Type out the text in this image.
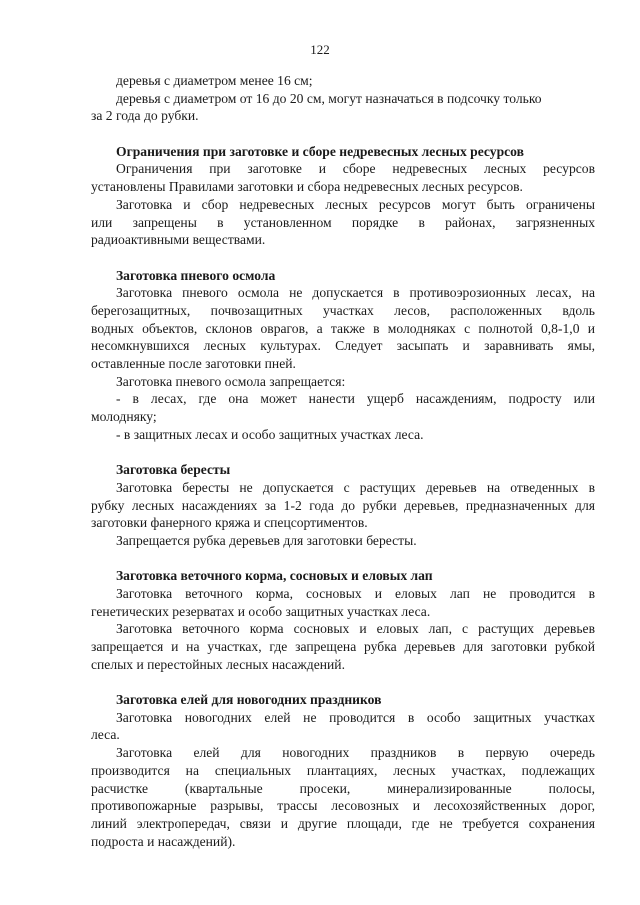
122
деревья с диаметром менее 16 см;
деревья с диаметром от 16 до 20 см, могут назначаться в подсочку только
за 2 года до рубки.
Ограничения при заготовке и сборе недревесных лесных ресурсов
Ограничения при заготовке и сборе недревесных лесных ресурсов
установлены Правилами заготовки и сбора недревесных лесных ресурсов.
Заготовка и сбор недревесных лесных ресурсов могут быть ограничены
или запрещены в установленном порядке в районах, загрязненных
радиоактивными веществами.
Заготовка пневого осмола
Заготовка пневого осмола не допускается в противоэрозионных лесах, на
берегозащитных, почвозащитных участках лесов, расположенных вдоль
водных объектов, склонов оврагов, а также в молодняках с полнотой 0,8-1,0 и
несомкнувшихся лесных культурах. Следует засыпать и заравнивать ямы,
оставленные после заготовки пней.
Заготовка пневого осмола запрещается:
- в лесах, где она может нанести ущерб насаждениям, подросту или
молодняку;
- в защитных лесах и особо защитных участках леса.
Заготовка бересты
Заготовка бересты не допускается с растущих деревьев на отведенных в
рубку лесных насаждениях за 1-2 года до рубки деревьев, предназначенных для
заготовки фанерного кряжа и спецсортиментов.
Запрещается рубка деревьев для заготовки бересты.
Заготовка веточного корма, сосновых и еловых лап
Заготовка веточного корма, сосновых и еловых лап не проводится в
генетических резерватах и особо защитных участках леса.
Заготовка веточного корма сосновых и еловых лап, с растущих деревьев
запрещается и на участках, где запрещена рубка деревьев для заготовки рубкой
спелых и перестойных лесных насаждений.
Заготовка елей для новогодних праздников
Заготовка новогодних елей не проводится в особо защитных участках
леса.
Заготовка елей для новогодних праздников в первую очередь
производится на специальных плантациях, лесных участках, подлежащих
расчистке (квартальные просеки, минерализированные полосы,
противопожарные разрывы, трассы лесовозных и лесохозяйственных дорог,
линий электропередач, связи и другие площади, где не требуется сохранения
подроста и насаждений).
